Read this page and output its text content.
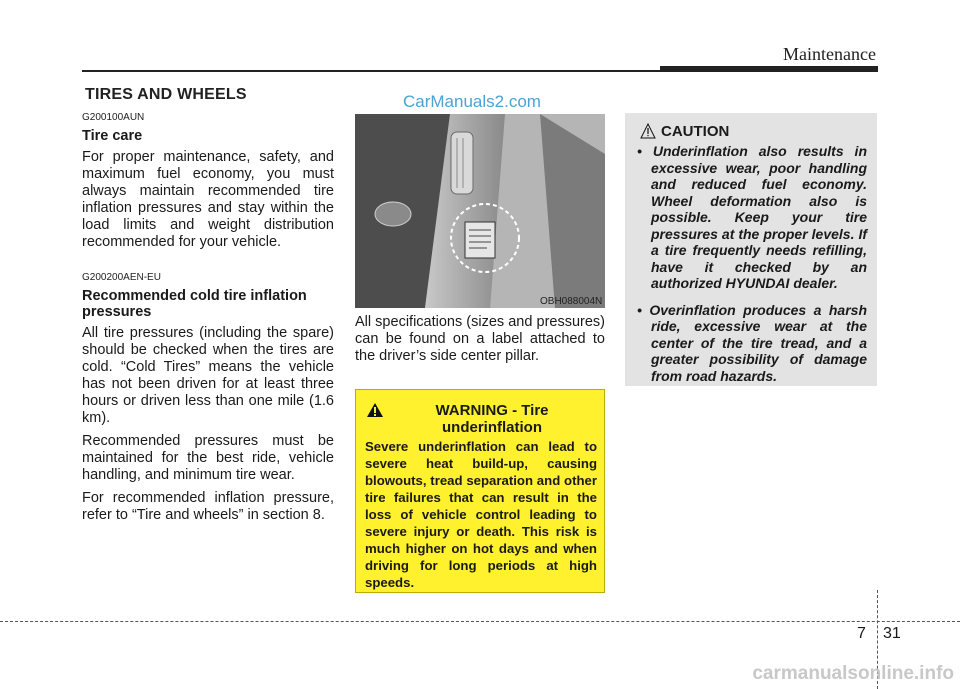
Maintenance
CarManuals2.com
TIRES AND WHEELS
G200100AUN
Tire care
For proper maintenance, safety, and maximum fuel economy, you must always maintain recommended tire inflation pressures and stay within the load limits and weight distribution recommended for your vehicle.
G200200AEN-EU
Recommended cold tire inflation pressures
All tire pressures (including the spare) should be checked when the tires are cold. “Cold Tires” means the vehicle has not been driven for at least three hours or driven less than one mile (1.6 km).
Recommended pressures must be maintained for the best ride, vehicle handling, and minimum tire wear.
For recommended inflation pressure, refer to “Tire and wheels” in section 8.
OBH088004N
All specifications (sizes and pressures) can be found on a label attached to the driver’s side center pillar.
WARNING - Tire underinflation
Severe underinflation can lead to severe heat build-up, causing blowouts, tread separation and other tire failures that can result in the loss of vehicle control leading to severe injury or death. This risk is much higher on hot days and when driving for long periods at high speeds.
CAUTION
• Underinflation also results in excessive wear, poor handling and reduced fuel economy. Wheel deformation also is possible. Keep your tire pressures at the proper levels. If a tire frequently needs refilling, have it checked by an authorized HYUNDAI dealer.
• Overinflation produces a harsh ride, excessive wear at the center of the tire tread, and a greater possibility of damage from road hazards.
7 31
carmanualsonline.info
